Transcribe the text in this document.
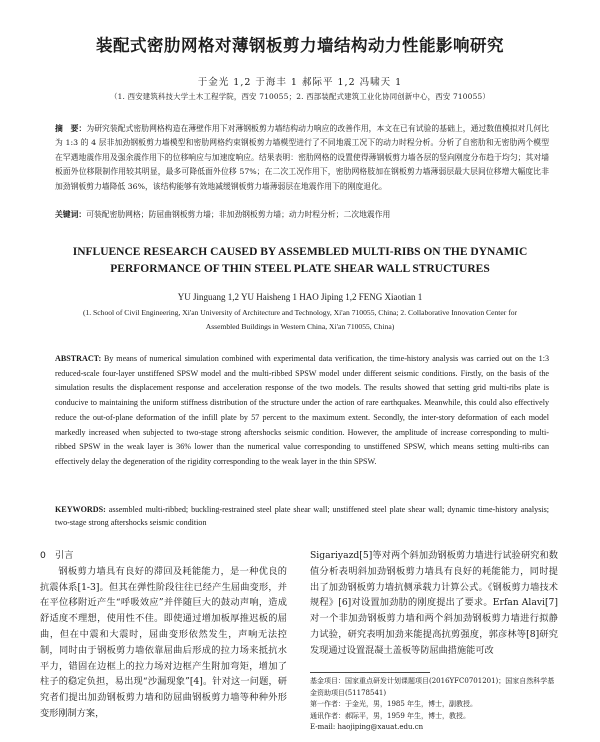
装配式密肋网格对薄钢板剪力墙结构动力性能影响研究
于金光 1,2 于海丰 1 郝际平 1,2 冯啸天 1
（1. 西安建筑科技大学土木工程学院，西安 710055；2. 西部装配式建筑工业化协同创新中心，西安 710055）
摘　要：为研究装配式密肋网格构造在薄壁作用下对薄钢板剪力墙结构动力响应的改善作用，本文在已有试验的基础上，通过数值模拟对几何比为 1:3 的 4 层非加劲钢板剪力墙模型和密肋网格约束钢板剪力墙模型进行了不同地震工况下的动力时程分析。分析了自密肋和无密肋两个模型在罕遇地震作用及强余震作用下的位移响应与加速度响应。结果表明：密肋网格的设置使得薄钢板剪力墙各层的竖向刚度分布趋于均匀；其对墙板面外位移限制作用较其明显，最多可降低面外位移 57%；在二次工况作用下，密肋网格肢加在钢板剪力墙薄弱层最大层间位移增大幅度比非加劲钢板剪力墙降低 36%，该结构能够有效地减缓钢板剪力墙薄弱层在地震作用下的刚度退化。
关键词：可装配密肋网格；防屈曲钢板剪力墙；非加劲钢板剪力墙；动力时程分析；二次地震作用
INFLUENCE RESEARCH CAUSED BY ASSEMBLED MULTI-RIBS ON THE DYNAMIC
PERFORMANCE OF THIN STEEL PLATE SHEAR WALL STRUCTURES
YU Jinguang 1,2 YU Haisheng 1 HAO Jiping 1,2 FENG Xiaotian 1
(1. School of Civil Engineering, Xi'an University of Architecture and Technology, Xi'an 710055, China; 2. Collaborative Innovation Center for
Assembled Buildings in Western China, Xi'an 710055, China)
ABSTRACT: By means of numerical simulation combined with experimental data verification, the time-history analysis was carried out on the 1:3 reduced-scale four-layer unstiffened SPSW model and the multi-ribbed SPSW model under different seismic conditions. Firstly, on the basis of the simulation results the displacement response and acceleration response of the two models. The results showed that setting grid multi-ribs plate is conducive to maintaining the uniform stiffness distribution of the structure under the action of rare earthquakes. Meanwhile, this could also effectively reduce the out-of-plane deformation of the infill plate by 57 percent to the maximum extent. Secondly, the inter-story deformation of each model markedly increased when subjected to two-stage strong aftershocks seismic condition. However, the amplitude of increase corresponding to multi-ribbed SPSW in the weak layer is 36% lower than the numerical value corresponding to unstiffened SPSW, which means setting multi-ribs can effectively delay the degeneration of the rigidity corresponding to the weak layer in the thin SPSW.
KEYWORDS: assembled multi-ribbed; buckling-restrained steel plate shear wall; unstiffened steel plate shear wall; dynamic time-history analysis; two-stage strong aftershocks seismic condition

0　引言

钢板剪力墙具有良好的滞回及耗能能力，是一种优良的抗震体系[1-3]。但其在弹性阶段往往已经产生屈曲变形，并在平位移附近产生“呼吸效应”并伴随巨大的鼓动声响，造成舒适度不理想，使用性不佳。即使通过增加板厚推迟板的屈曲，但在中震和大震时，屈曲变形依然发生，声响无法控制，同时由于钢板剪力墙依靠屈曲后形成的拉力场来抵抗水平力，错固在边框上的拉力场对边框产生附加弯矩，增加了柱子的稳定负担，易出现“沙漏现象”[4]。针对这一问题，研究者们提出加劲钢板剪力墙和防屈曲钢板剪力墙等种种外形变形刚制方案，

Sigariyazd[5]等对两个斜加劲钢板剪力墙进行试验研究和数值分析表明斜加劲钢板剪力墙具有良好的耗能能力，同时提出了加劲钢板剪力墙抗侧承载力计算公式。《钢板剪力墙技术规程》[6]对设置加劲肋的刚度提出了要求。Erfan Alavi[7]对一个非加劲钢板剪力墙和两个斜加劲钢板剪力墙进行拟静力试验，研究表明加劲来能提高抗剪强度，郭彦林等[8]研究发现通过设置混凝土盖板等防屈曲措施能可改

基金项目：国家重点研发计划课题项目(2016YFC0701201)；国家自然科学基金资助项目(51178541)
第一作者：于金光，男，1985 年生，博士，副教授。
通讯作者：郝际平，男，1959 年生，博士，教授。
E-mail: haojiping@xauat.edu.cn
